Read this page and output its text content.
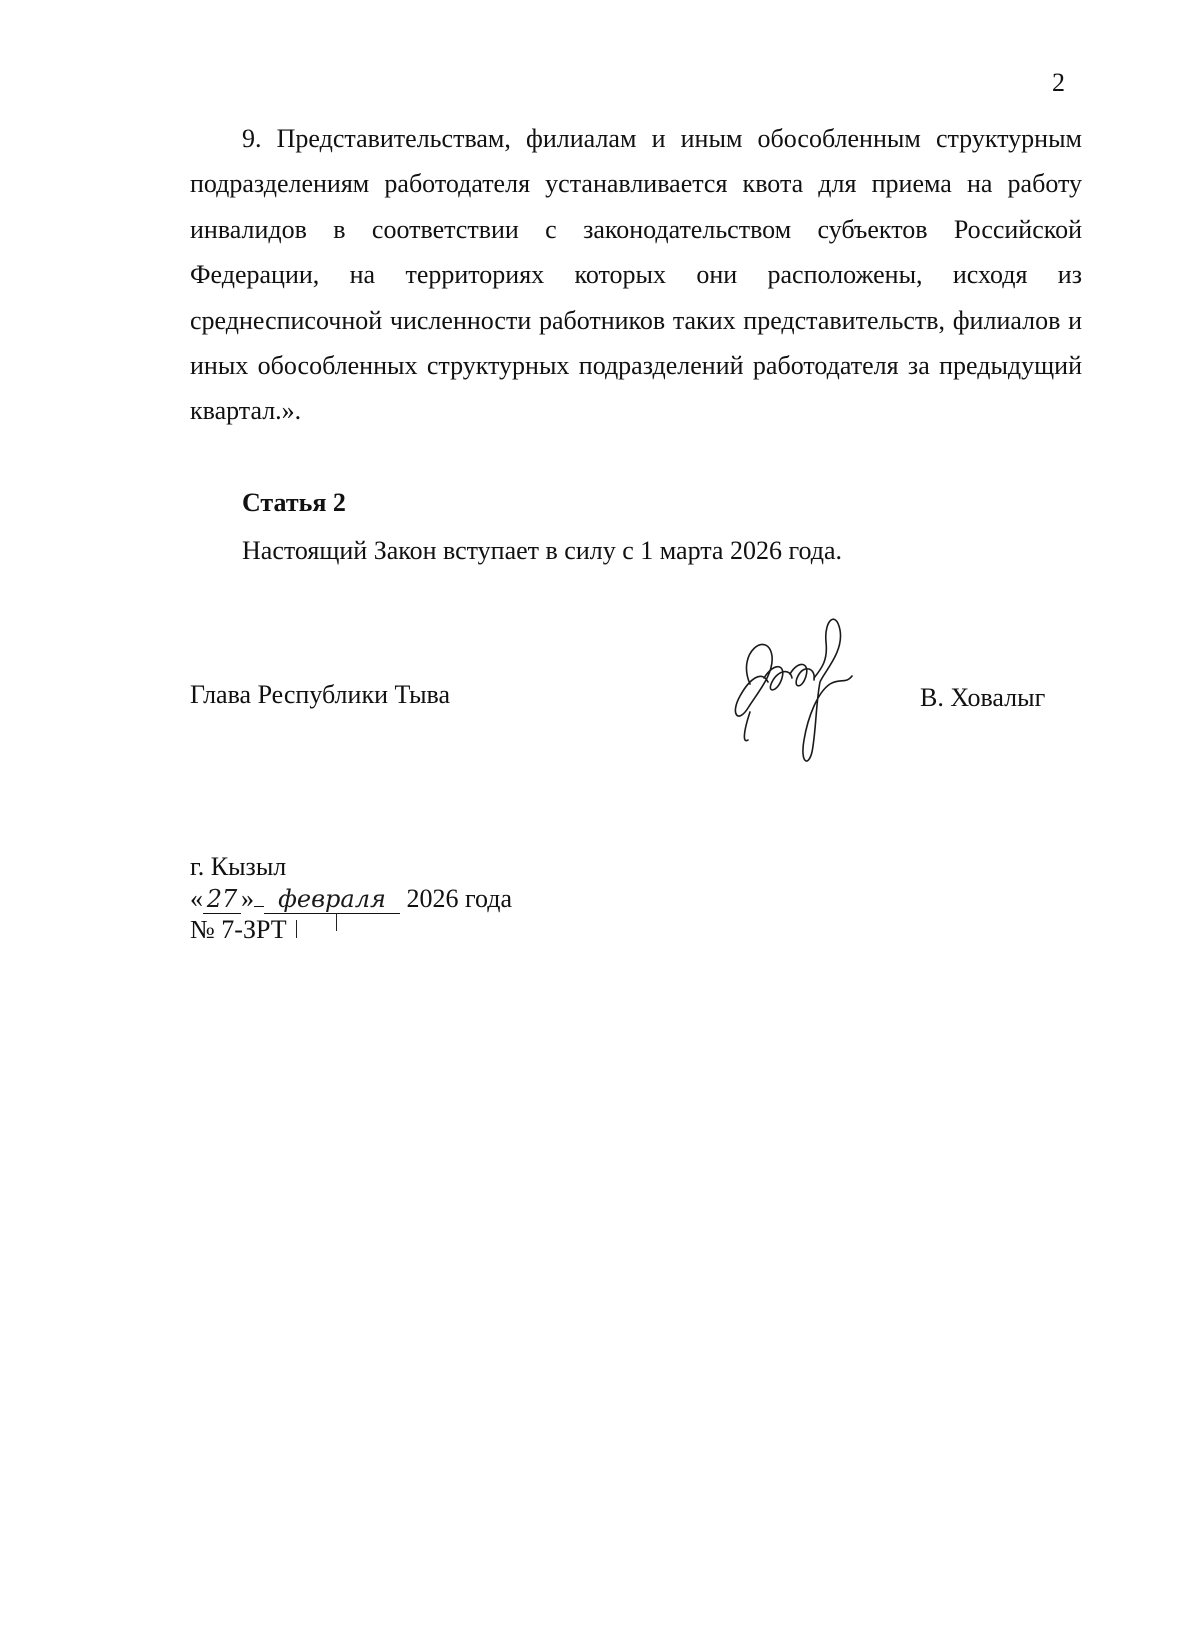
2

9. Представительствам, филиалам и иным обособленным структурным подразделениям работодателя устанавливается квота для приема на работу инвалидов в соответствии с законодательством субъектов Российской Федерации, на территориях которых они расположены, исходя из среднесписочной численности работников таких представительств, филиалов и иных обособленных структурных подразделений работодателя за предыдущий квартал.».

Статья 2

Настоящий Закон вступает в силу с 1 марта 2026 года.

Глава Республики Тыва	В. Ховалыг
г. Кызыл
« 27 » февраля 2026 года
№ 7-ЗРТ
